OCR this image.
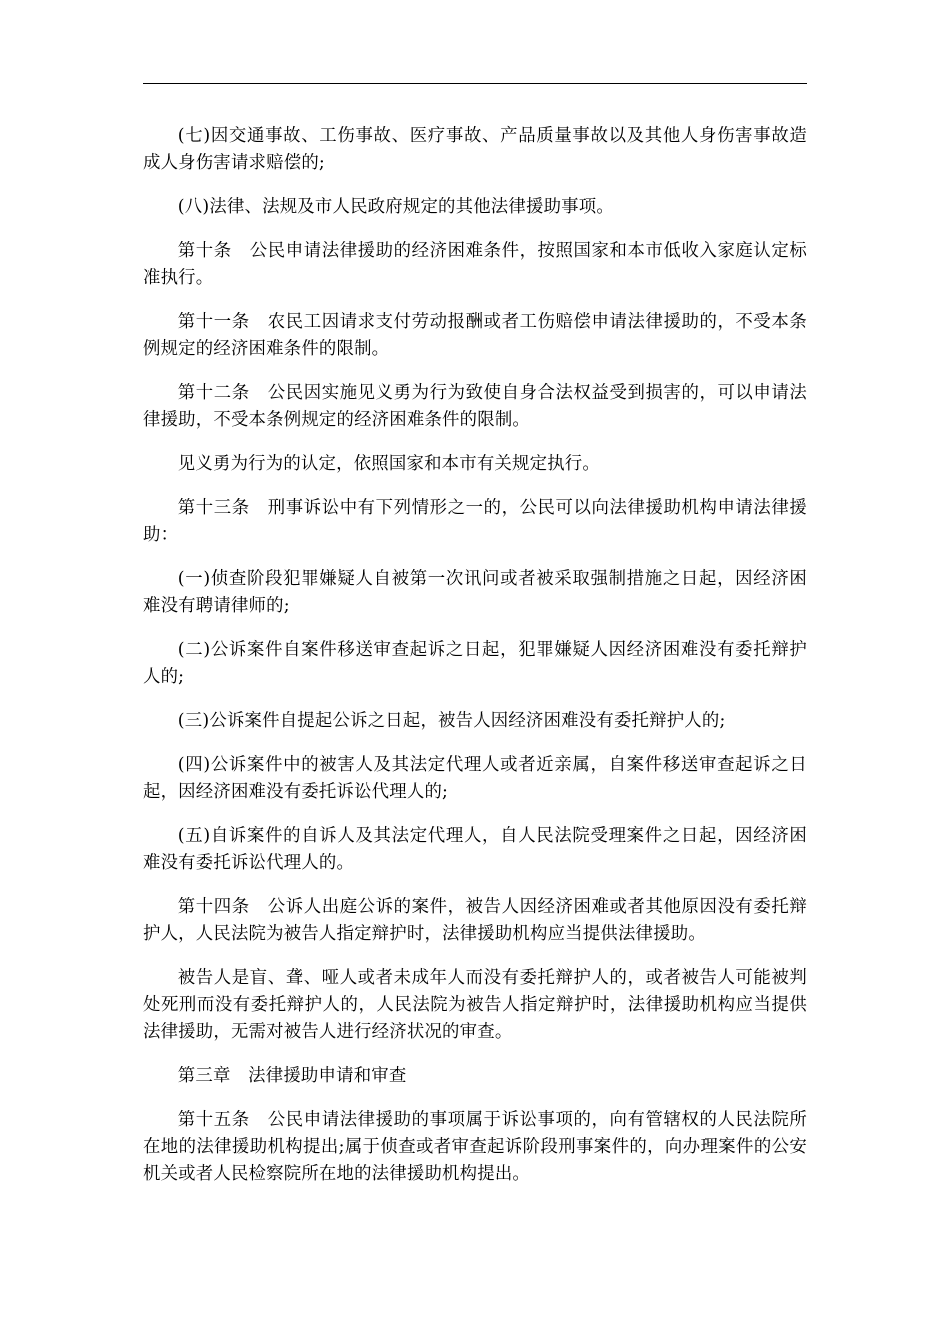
(七)因交通事故、工伤事故、医疗事故、产品质量事故以及其他人身伤害事故造成人身伤害请求赔偿的;

(八)法律、法规及市人民政府规定的其他法律援助事项。

第十条　公民申请法律援助的经济困难条件，按照国家和本市低收入家庭认定标准执行。

第十一条　农民工因请求支付劳动报酬或者工伤赔偿申请法律援助的，不受本条例规定的经济困难条件的限制。

第十二条　公民因实施见义勇为行为致使自身合法权益受到损害的，可以申请法律援助，不受本条例规定的经济困难条件的限制。

见义勇为行为的认定，依照国家和本市有关规定执行。

第十三条　刑事诉讼中有下列情形之一的，公民可以向法律援助机构申请法律援助：

(一)侦查阶段犯罪嫌疑人自被第一次讯问或者被采取强制措施之日起，因经济困难没有聘请律师的;

(二)公诉案件自案件移送审查起诉之日起，犯罪嫌疑人因经济困难没有委托辩护人的;

(三)公诉案件自提起公诉之日起，被告人因经济困难没有委托辩护人的;

(四)公诉案件中的被害人及其法定代理人或者近亲属，自案件移送审查起诉之日起，因经济困难没有委托诉讼代理人的;

(五)自诉案件的自诉人及其法定代理人，自人民法院受理案件之日起，因经济困难没有委托诉讼代理人的。

第十四条　公诉人出庭公诉的案件，被告人因经济困难或者其他原因没有委托辩护人，人民法院为被告人指定辩护时，法律援助机构应当提供法律援助。

被告人是盲、聋、哑人或者未成年人而没有委托辩护人的，或者被告人可能被判处死刑而没有委托辩护人的，人民法院为被告人指定辩护时，法律援助机构应当提供法律援助，无需对被告人进行经济状况的审查。

第三章　法律援助申请和审查

第十五条　公民申请法律援助的事项属于诉讼事项的，向有管辖权的人民法院所在地的法律援助机构提出;属于侦查或者审查起诉阶段刑事案件的，向办理案件的公安机关或者人民检察院所在地的法律援助机构提出。
